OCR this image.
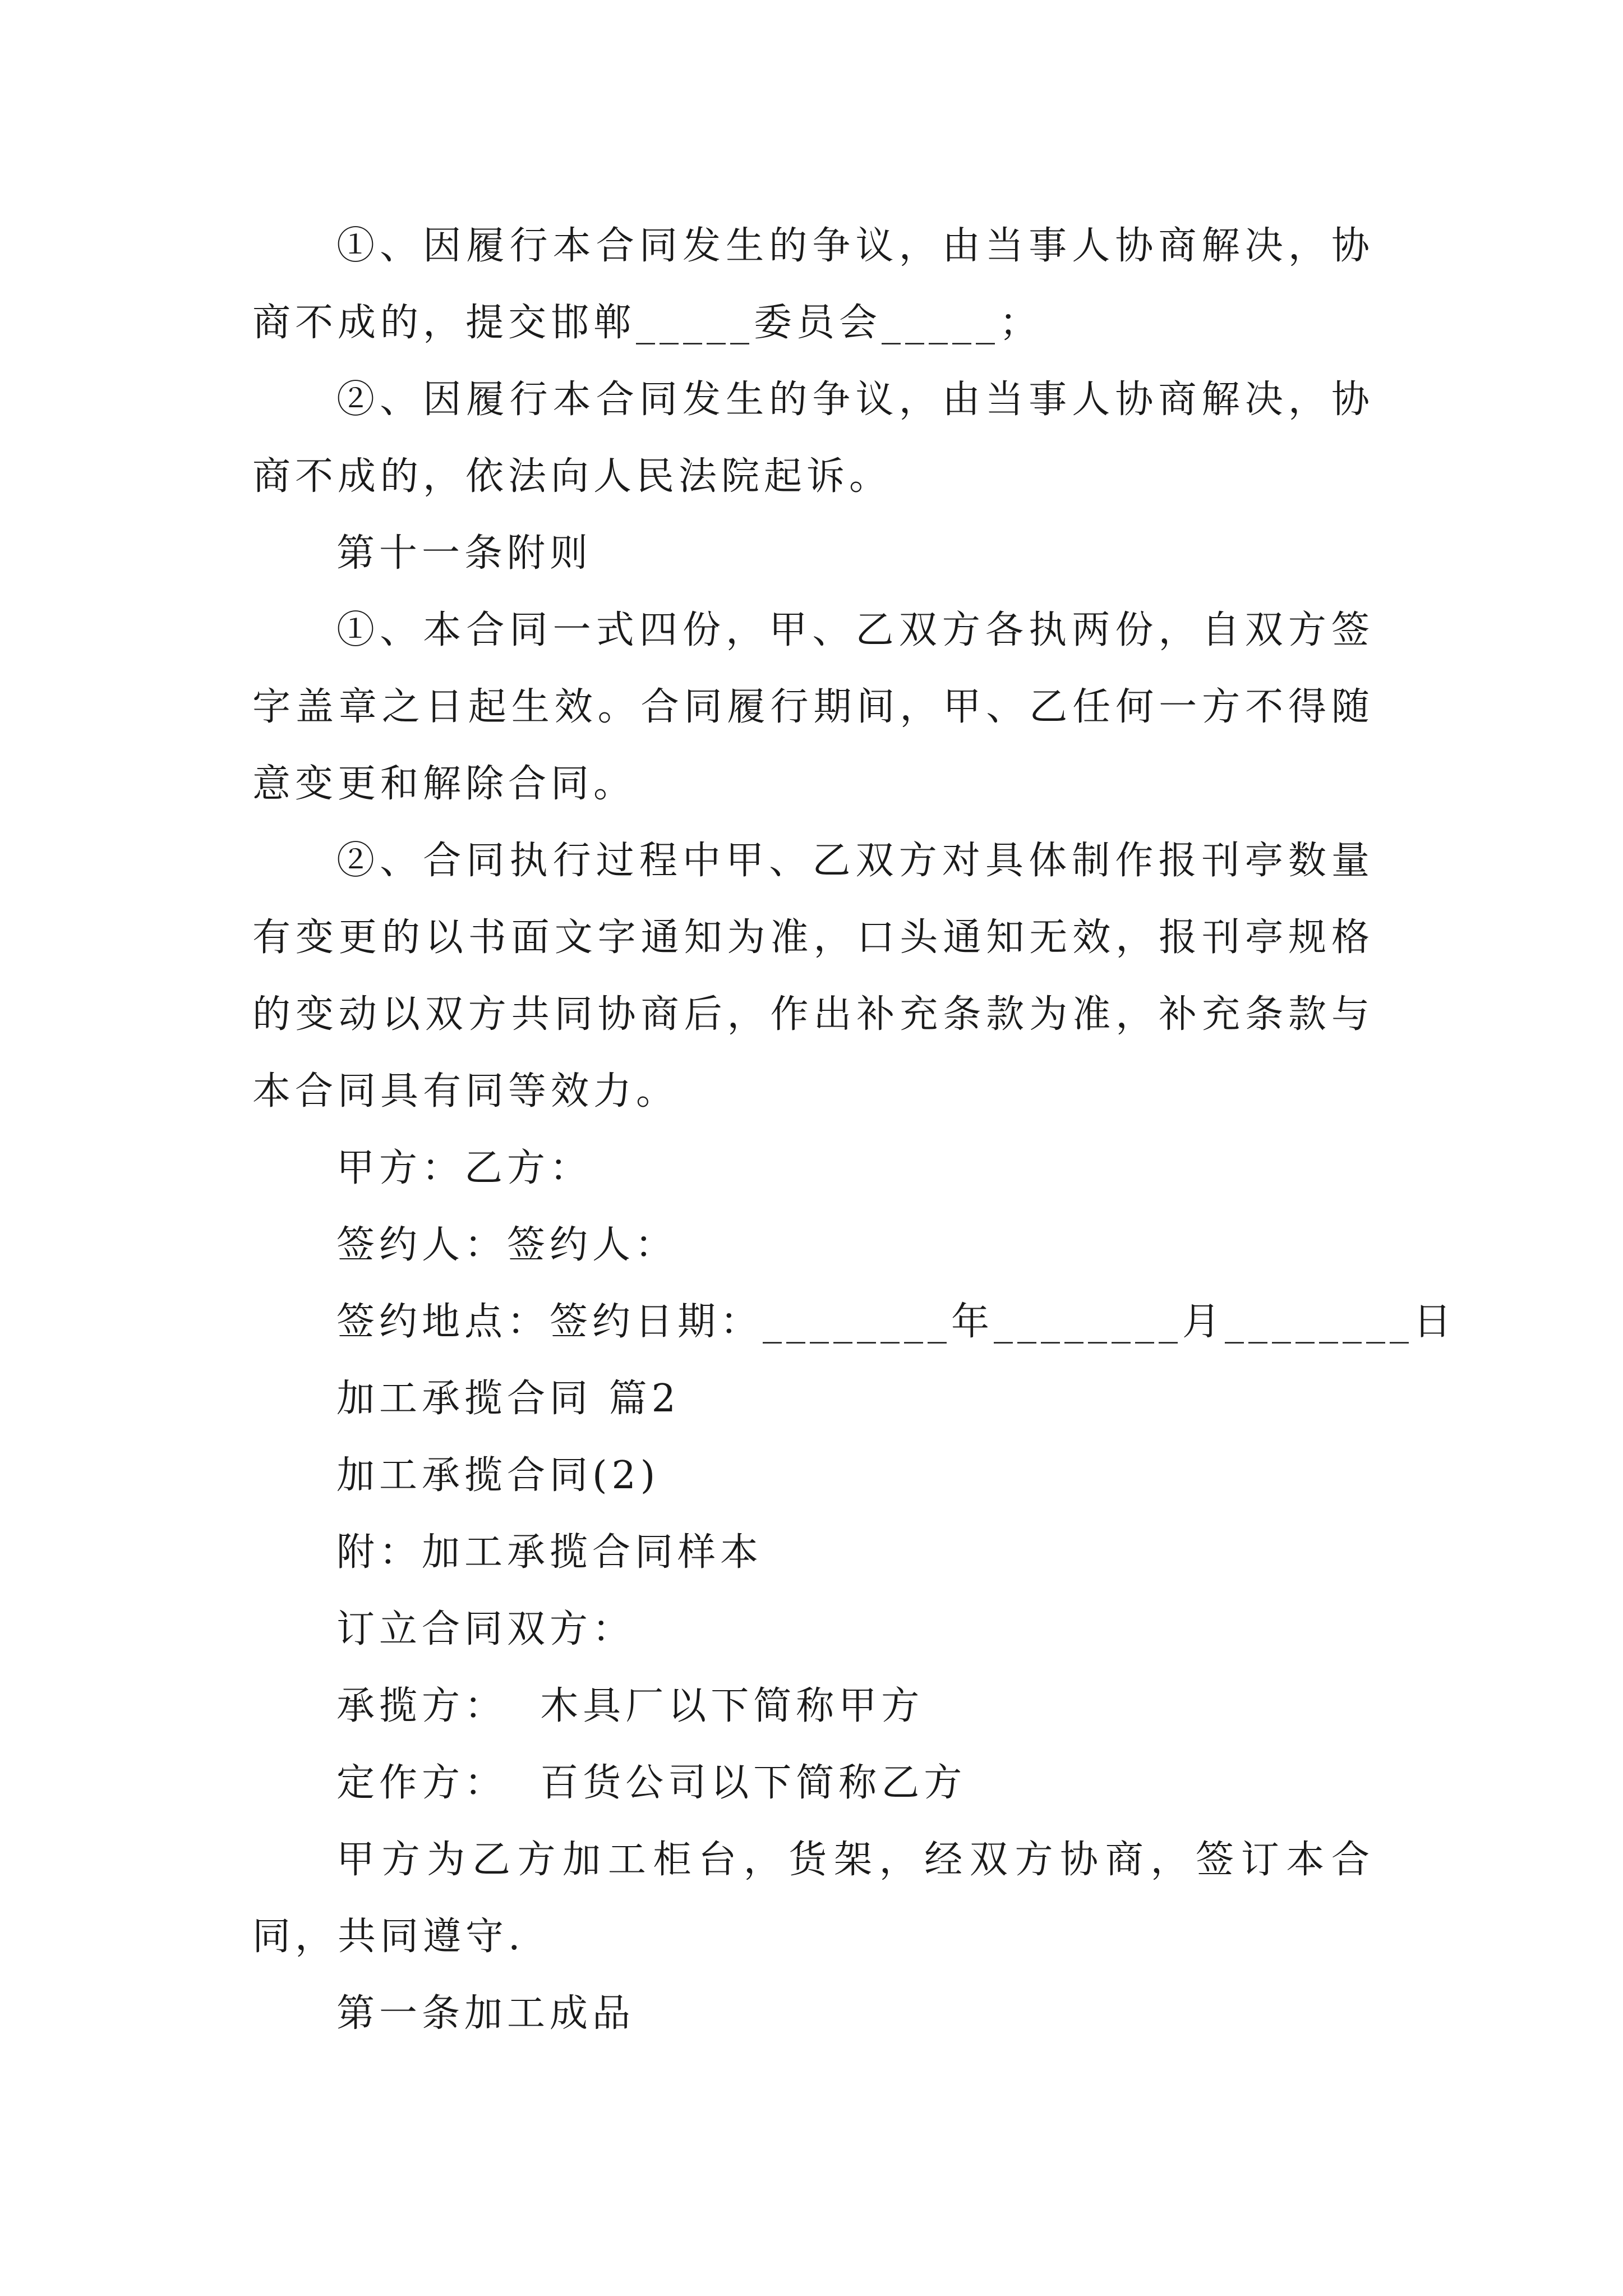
①、因履行本合同发生的争议，由当事人协商解决，协商不成的，提交邯郸_____委员会_____；

②、因履行本合同发生的争议，由当事人协商解决，协商不成的，依法向人民法院起诉。

第十一条附则

①、本合同一式四份，甲、乙双方各执两份，自双方签字盖章之日起生效。合同履行期间，甲、乙任何一方不得随意变更和解除合同。

②、合同执行过程中甲、乙双方对具体制作报刊亭数量有变更的以书面文字通知为准，口头通知无效，报刊亭规格的变动以双方共同协商后，作出补充条款为准，补充条款与本合同具有同等效力。

甲方：乙方：

签约人：签约人：

签约地点：签约日期：________年________月________日

加工承揽合同 篇2

加工承揽合同(2)

附：加工承揽合同样本

订立合同双方：

承揽方：  木具厂以下简称甲方

定作方：  百货公司以下简称乙方

甲方为乙方加工柜台，货架，经双方协商，签订本合同，共同遵守.

第一条加工成品
